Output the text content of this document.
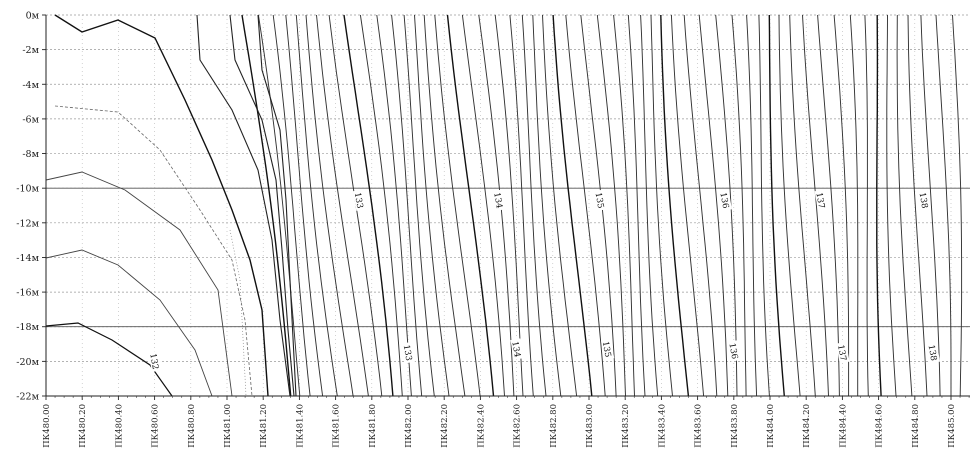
133	134	135	136	137	138
132	133	134	135	136	137	138
0м
-2м
-4м
-6м
-8м
-10м
-12м
-14м
-16м
-18м
-20м
-22м
ПК480.00	ПК480.20	ПК480.40	ПК480.60	ПК480.80	ПК481.00	ПК481.20	ПК481.40	ПК481.60	ПК481.80	ПК482.00	ПК482.20	ПК482.40	ПК482.60	ПК482.80	ПК483.00	ПК483.20	ПК483.40	ПК483.60	ПК483.80	ПК484.00	ПК484.20	ПК484.40	ПК484.60	ПК484.80	ПК485.00
